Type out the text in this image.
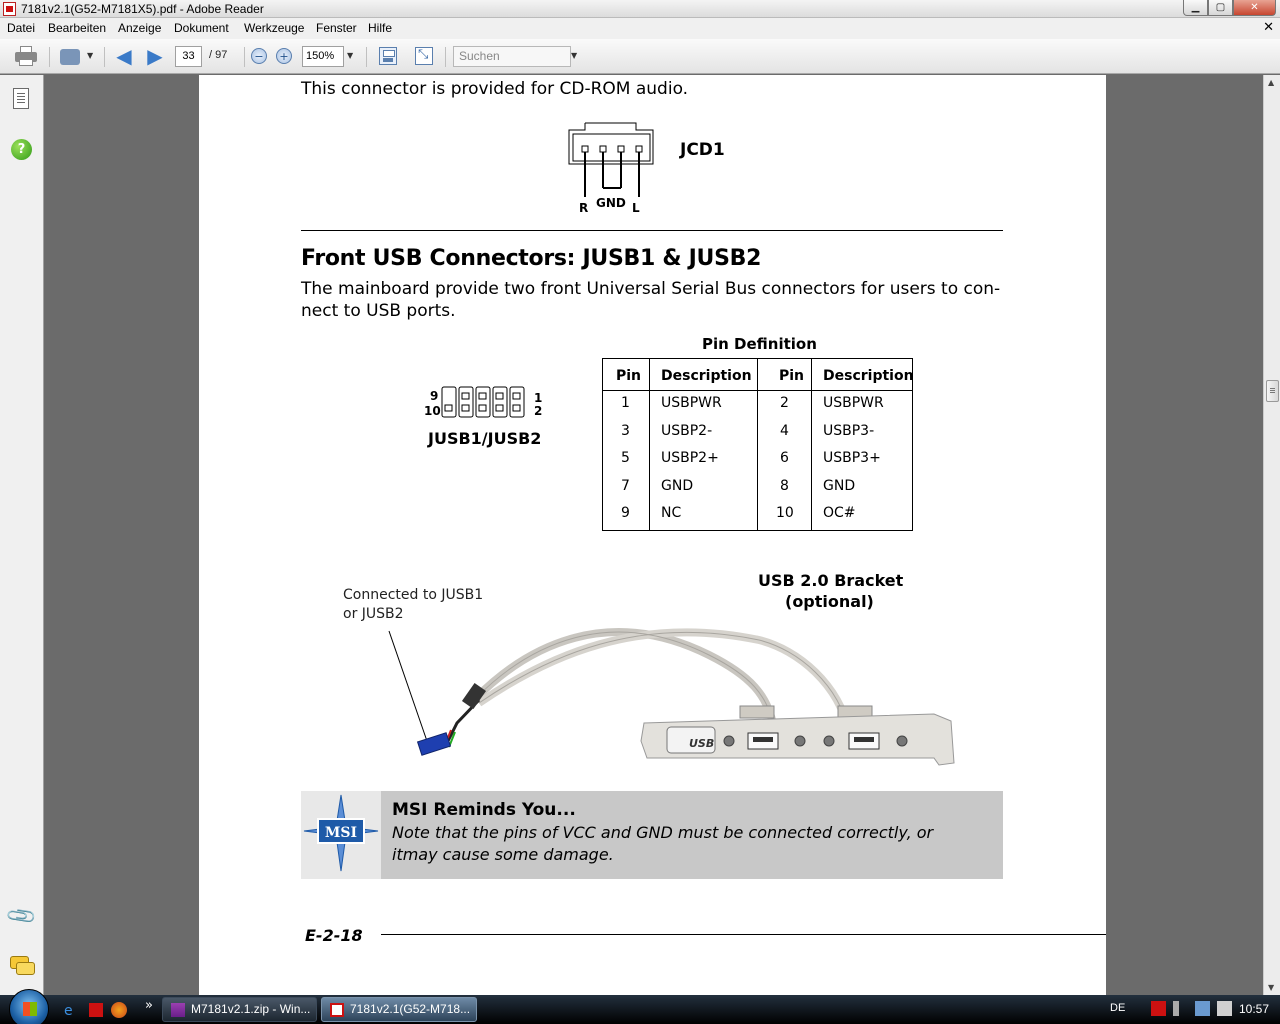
7181v2.1(G52-M7181X5).pdf - Adobe Reader	▁	▢	✕
Datei Bearbeiten Anzeige Dokument Werkzeuge Fenster Hilfe	✕
▼ ◀ ▶	33	/ 97	−	+	150%	▼
⤡	Suchen	▼
?
📎
This connector is provided for CD-ROM audio.
R GND L
JCD1
Front USB Connectors: JUSB1 & JUSB2
The mainboard provide two front Universal Serial Bus connectors for users to con-
nect to USB ports.
9
10
1
2
JUSB1/JUSB2
Pin Definition
Pin Description Pin Description
1 USBPWR	2 USBPWR
3 USBP2-	4 USBP3-
5 USBP2+	6 USBP3+
7 GND	8 GND
9 NC	10 OC#
USB 2.0 Bracket
(optional)
Connected to JUSB1
or JUSB2
USB
MSI
MSI Reminds You...
Note that the pins of VCC and GND must be connected correctly, or
itmay cause some damage.
E-2-18
▲
▼
e	»	M7181v2.1.zip - Win...	7181v2.1(G52-M718...	DE	10:57
